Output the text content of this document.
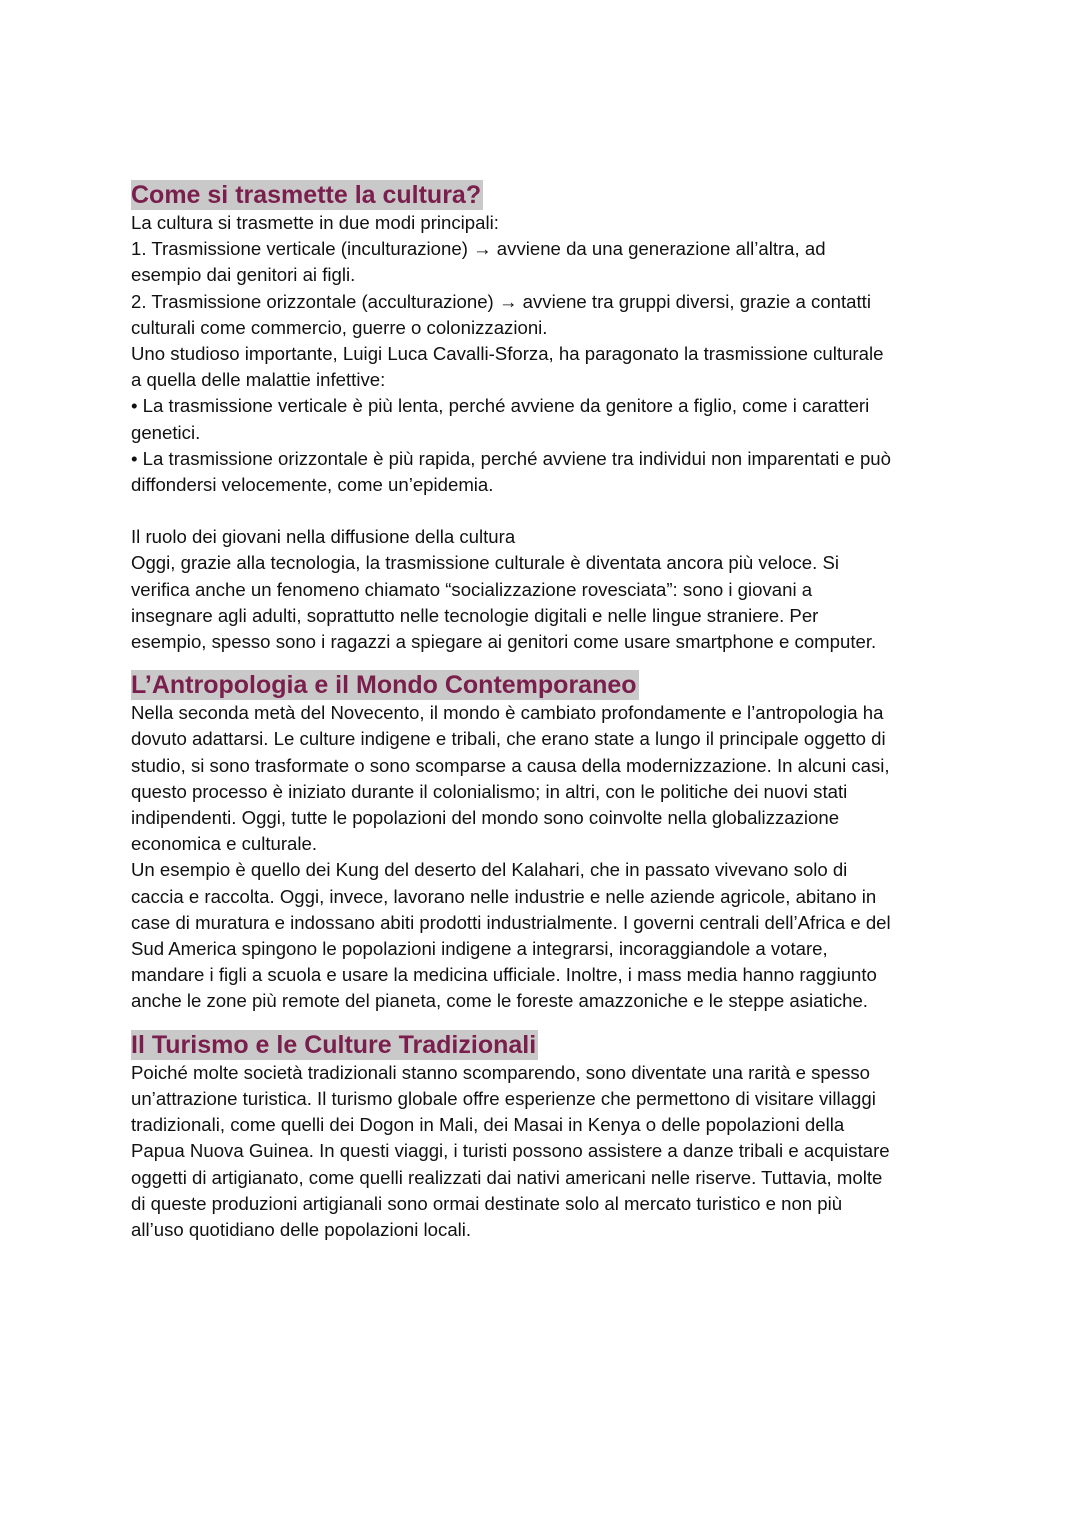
Come si trasmette la cultura?
La cultura si trasmette in due modi principali:
1. Trasmissione verticale (inculturazione) → avviene da una generazione all’altra, ad
esempio dai genitori ai figli.
2. Trasmissione orizzontale (acculturazione) → avviene tra gruppi diversi, grazie a contatti
culturali come commercio, guerre o colonizzazioni.
Uno studioso importante, Luigi Luca Cavalli-Sforza, ha paragonato la trasmissione culturale
a quella delle malattie infettive:
• La trasmissione verticale è più lenta, perché avviene da genitore a figlio, come i caratteri
genetici.
• La trasmissione orizzontale è più rapida, perché avviene tra individui non imparentati e può
diffondersi velocemente, come un’epidemia.
Il ruolo dei giovani nella diffusione della cultura
Oggi, grazie alla tecnologia, la trasmissione culturale è diventata ancora più veloce. Si
verifica anche un fenomeno chiamato “socializzazione rovesciata”: sono i giovani a
insegnare agli adulti, soprattutto nelle tecnologie digitali e nelle lingue straniere. Per
esempio, spesso sono i ragazzi a spiegare ai genitori come usare smartphone e computer.
L’Antropologia e il Mondo Contemporaneo
Nella seconda metà del Novecento, il mondo è cambiato profondamente e l’antropologia ha
dovuto adattarsi. Le culture indigene e tribali, che erano state a lungo il principale oggetto di
studio, si sono trasformate o sono scomparse a causa della modernizzazione. In alcuni casi,
questo processo è iniziato durante il colonialismo; in altri, con le politiche dei nuovi stati
indipendenti. Oggi, tutte le popolazioni del mondo sono coinvolte nella globalizzazione
economica e culturale.
Un esempio è quello dei Kung del deserto del Kalahari, che in passato vivevano solo di
caccia e raccolta. Oggi, invece, lavorano nelle industrie e nelle aziende agricole, abitano in
case di muratura e indossano abiti prodotti industrialmente. I governi centrali dell’Africa e del
Sud America spingono le popolazioni indigene a integrarsi, incoraggiandole a votare,
mandare i figli a scuola e usare la medicina ufficiale. Inoltre, i mass media hanno raggiunto
anche le zone più remote del pianeta, come le foreste amazzoniche e le steppe asiatiche.
Il Turismo e le Culture Tradizionali
Poiché molte società tradizionali stanno scomparendo, sono diventate una rarità e spesso
un’attrazione turistica. Il turismo globale offre esperienze che permettono di visitare villaggi
tradizionali, come quelli dei Dogon in Mali, dei Masai in Kenya o delle popolazioni della
Papua Nuova Guinea. In questi viaggi, i turisti possono assistere a danze tribali e acquistare
oggetti di artigianato, come quelli realizzati dai nativi americani nelle riserve. Tuttavia, molte
di queste produzioni artigianali sono ormai destinate solo al mercato turistico e non più
all’uso quotidiano delle popolazioni locali.
